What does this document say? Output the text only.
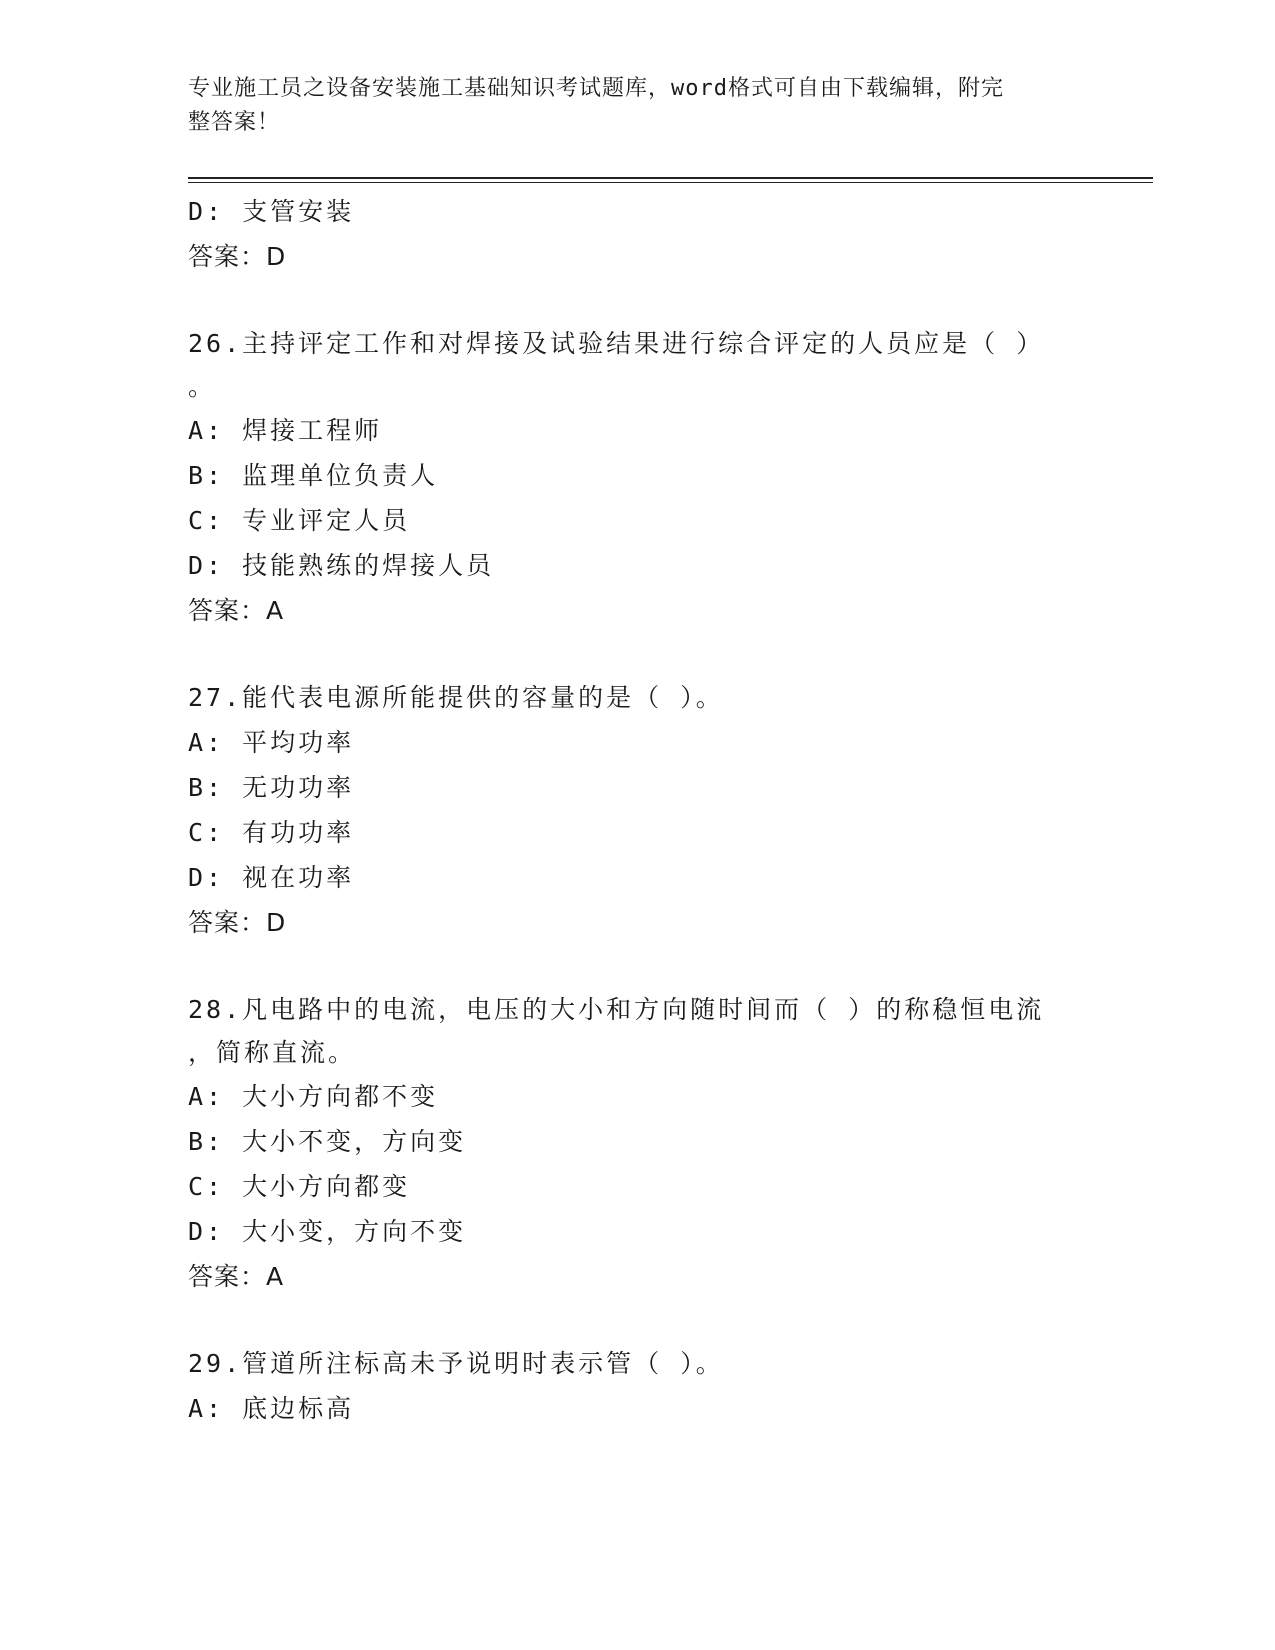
专业施工员之设备安装施工基础知识考试题库，word格式可自由下载编辑，附完
整答案！
D: 支管安装
答案：D
26.主持评定工作和对焊接及试验结果进行综合评定的人员应是（ ）
。
A: 焊接工程师
B: 监理单位负责人
C: 专业评定人员
D: 技能熟练的焊接人员
答案：A
27.能代表电源所能提供的容量的是（ ）。
A: 平均功率
B: 无功功率
C: 有功功率
D: 视在功率
答案：D
28.凡电路中的电流，电压的大小和方向随时间而（ ）的称稳恒电流
，简称直流。
A: 大小方向都不变
B: 大小不变，方向变
C: 大小方向都变
D: 大小变，方向不变
答案：A
29.管道所注标高未予说明时表示管（ ）。
A: 底边标高
